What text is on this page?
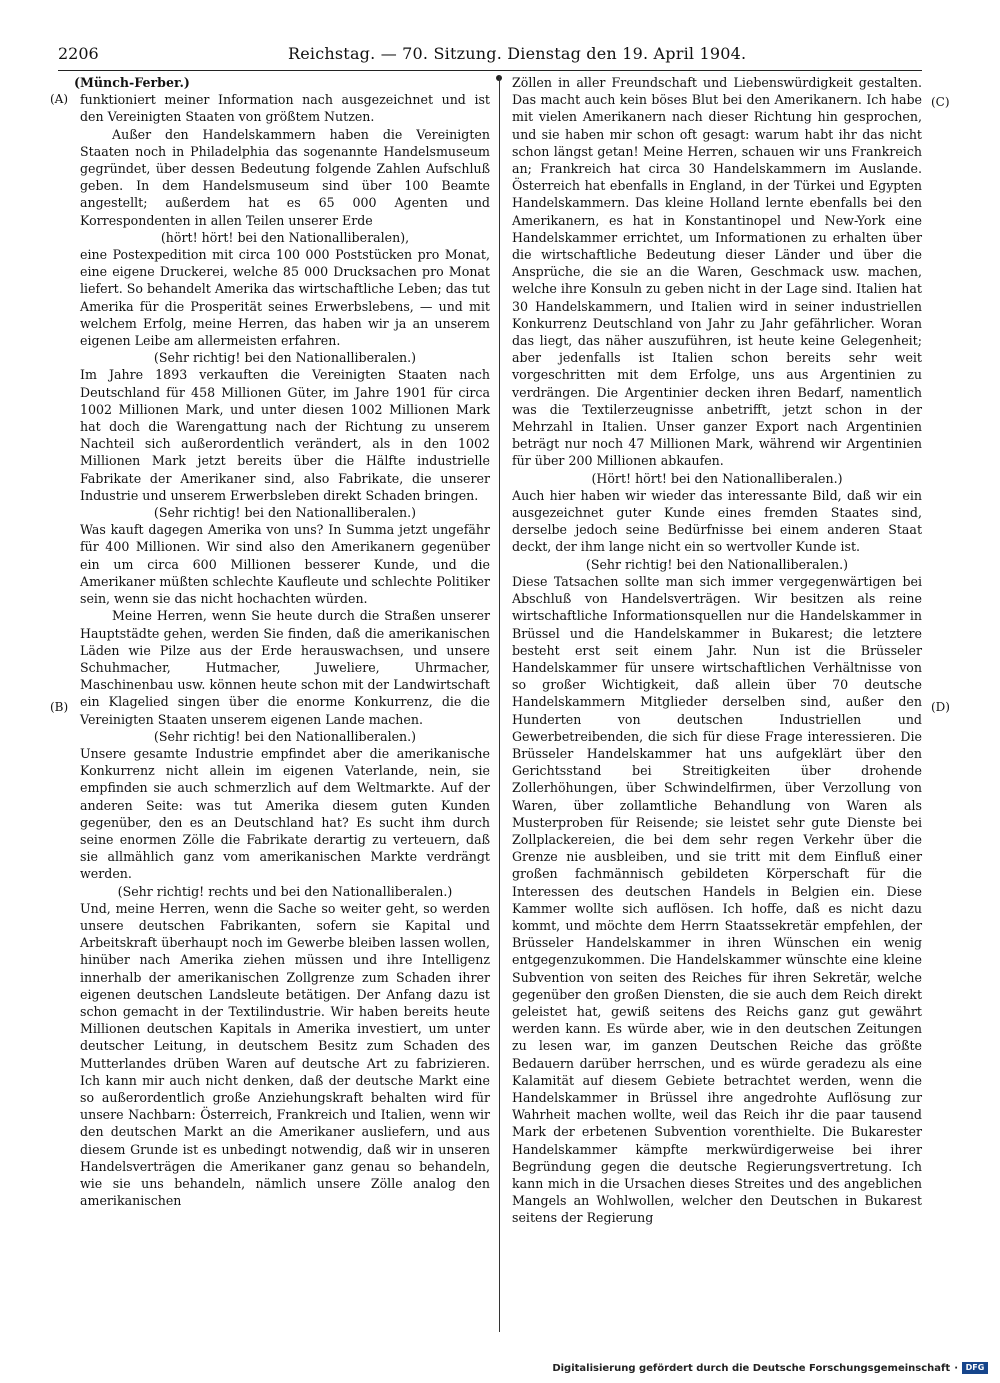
2206	Reichstag. — 70. Sitzung. Dienstag den 19. April 1904.
(A)
(B)
(C)
(D)

(Münch-Ferber.)

funktioniert meiner Information nach ausgezeichnet und ist den Vereinigten Staaten von größtem Nutzen.

Außer den Handelskammern haben die Vereinigten Staaten noch in Philadelphia das sogenannte Handelsmuseum gegründet, über dessen Bedeutung folgende Zahlen Aufschluß geben. In dem Handelsmuseum sind über 100 Beamte angestellt; außerdem hat es 65 000 Agenten und Korrespondenten in allen Teilen unserer Erde

(hört! hört! bei den Nationalliberalen),

eine Postexpedition mit circa 100 000 Poststücken pro Monat, eine eigene Druckerei, welche 85 000 Drucksachen pro Monat liefert. So behandelt Amerika das wirtschaftliche Leben; das tut Amerika für die Prosperität seines Erwerbslebens, — und mit welchem Erfolg, meine Herren, das haben wir ja an unserem eigenen Leibe am allermeisten erfahren.

(Sehr richtig! bei den Nationalliberalen.)

Im Jahre 1893 verkauften die Vereinigten Staaten nach Deutschland für 458 Millionen Güter, im Jahre 1901 für circa 1002 Millionen Mark, und unter diesen 1002 Millionen Mark hat doch die Warengattung nach der Richtung zu unserem Nachteil sich außerordentlich verändert, als in den 1002 Millionen Mark jetzt bereits über die Hälfte industrielle Fabrikate der Amerikaner sind, also Fabrikate, die unserer Industrie und unserem Erwerbsleben direkt Schaden bringen.

(Sehr richtig! bei den Nationalliberalen.)

Was kauft dagegen Amerika von uns? In Summa jetzt ungefähr für 400 Millionen. Wir sind also den Amerikanern gegenüber ein um circa 600 Millionen besserer Kunde, und die Amerikaner müßten schlechte Kaufleute und schlechte Politiker sein, wenn sie das nicht hochachten würden.

Meine Herren, wenn Sie heute durch die Straßen unserer Hauptstädte gehen, werden Sie finden, daß die amerikanischen Läden wie Pilze aus der Erde herauswachsen, und unsere Schuhmacher, Hutmacher, Juweliere, Uhrmacher, Maschinenbau usw. können heute schon mit der Landwirtschaft ein Klagelied singen über die enorme Konkurrenz, die die Vereinigten Staaten unserem eigenen Lande machen.

(Sehr richtig! bei den Nationalliberalen.)

Unsere gesamte Industrie empfindet aber die amerikanische Konkurrenz nicht allein im eigenen Vaterlande, nein, sie empfinden sie auch schmerzlich auf dem Weltmarkte. Auf der anderen Seite: was tut Amerika diesem guten Kunden gegenüber, den es an Deutschland hat? Es sucht ihm durch seine enormen Zölle die Fabrikate derartig zu verteuern, daß sie allmählich ganz vom amerikanischen Markte verdrängt werden.

(Sehr richtig! rechts und bei den Nationalliberalen.)

Und, meine Herren, wenn die Sache so weiter geht, so werden unsere deutschen Fabrikanten, sofern sie Kapital und Arbeitskraft überhaupt noch im Gewerbe bleiben lassen wollen, hinüber nach Amerika ziehen müssen und ihre Intelligenz innerhalb der amerikanischen Zollgrenze zum Schaden ihrer eigenen deutschen Landsleute betätigen. Der Anfang dazu ist schon gemacht in der Textilindustrie. Wir haben bereits heute Millionen deutschen Kapitals in Amerika investiert, um unter deutscher Leitung, in deutschem Besitz zum Schaden des Mutterlandes drüben Waren auf deutsche Art zu fabrizieren. Ich kann mir auch nicht denken, daß der deutsche Markt eine so außerordentlich große Anziehungskraft behalten wird für unsere Nachbarn: Österreich, Frankreich und Italien, wenn wir den deutschen Markt an die Amerikaner ausliefern, und aus diesem Grunde ist es unbedingt notwendig, daß wir in unseren Handelsverträgen die Amerikaner ganz genau so behandeln, wie sie uns behandeln, nämlich unsere Zölle analog den amerikanischen

Zöllen in aller Freundschaft und Liebenswürdigkeit gestalten. Das macht auch kein böses Blut bei den Amerikanern. Ich habe mit vielen Amerikanern nach dieser Richtung hin gesprochen, und sie haben mir schon oft gesagt: warum habt ihr das nicht schon längst getan! Meine Herren, schauen wir uns Frankreich an; Frankreich hat circa 30 Handelskammern im Auslande. Österreich hat ebenfalls in England, in der Türkei und Egypten Handelskammern. Das kleine Holland lernte ebenfalls bei den Amerikanern, es hat in Konstantinopel und New-York eine Handelskammer errichtet, um Informationen zu erhalten über die wirtschaftliche Bedeutung dieser Länder und über die Ansprüche, die sie an die Waren, Geschmack usw. machen, welche ihre Konsuln zu geben nicht in der Lage sind. Italien hat 30 Handelskammern, und Italien wird in seiner industriellen Konkurrenz Deutschland von Jahr zu Jahr gefährlicher. Woran das liegt, das näher auszuführen, ist heute keine Gelegenheit; aber jedenfalls ist Italien schon bereits sehr weit vorgeschritten mit dem Erfolge, uns aus Argentinien zu verdrängen. Die Argentinier decken ihren Bedarf, namentlich was die Textilerzeugnisse anbetrifft, jetzt schon in der Mehrzahl in Italien. Unser ganzer Export nach Argentinien beträgt nur noch 47 Millionen Mark, während wir Argentinien für über 200 Millionen abkaufen.

(Hört! hört! bei den Nationalliberalen.)

Auch hier haben wir wieder das interessante Bild, daß wir ein ausgezeichnet guter Kunde eines fremden Staates sind, derselbe jedoch seine Bedürfnisse bei einem anderen Staat deckt, der ihm lange nicht ein so wertvoller Kunde ist.

(Sehr richtig! bei den Nationalliberalen.)

Diese Tatsachen sollte man sich immer vergegenwärtigen bei Abschluß von Handelsverträgen. Wir besitzen als reine wirtschaftliche Informationsquellen nur die Handelskammer in Brüssel und die Handelskammer in Bukarest; die letztere besteht erst seit einem Jahr. Nun ist die Brüsseler Handelskammer für unsere wirtschaftlichen Verhältnisse von so großer Wichtigkeit, daß allein über 70 deutsche Handelskammern Mitglieder derselben sind, außer den Hunderten von deutschen Industriellen und Gewerbetreibenden, die sich für diese Frage interessieren. Die Brüsseler Handelskammer hat uns aufgeklärt über den Gerichtsstand bei Streitigkeiten über drohende Zollerhöhungen, über Schwindelfirmen, über Verzollung von Waren, über zollamtliche Behandlung von Waren als Musterproben für Reisende; sie leistet sehr gute Dienste bei Zollplackereien, die bei dem sehr regen Verkehr über die Grenze nie ausbleiben, und sie tritt mit dem Einfluß einer großen fachmännisch gebildeten Körperschaft für die Interessen des deutschen Handels in Belgien ein. Diese Kammer wollte sich auflösen. Ich hoffe, daß es nicht dazu kommt, und möchte dem Herrn Staatssekretär empfehlen, der Brüsseler Handelskammer in ihren Wünschen ein wenig entgegenzukommen. Die Handelskammer wünschte eine kleine Subvention von seiten des Reiches für ihren Sekretär, welche gegenüber den großen Diensten, die sie auch dem Reich direkt geleistet hat, gewiß seitens des Reichs ganz gut gewährt werden kann. Es würde aber, wie in den deutschen Zeitungen zu lesen war, im ganzen Deutschen Reiche das größte Bedauern darüber herrschen, und es würde geradezu als eine Kalamität auf diesem Gebiete betrachtet werden, wenn die Handelskammer in Brüssel ihre angedrohte Auflösung zur Wahrheit machen wollte, weil das Reich ihr die paar tausend Mark der erbetenen Subvention vorenthielte. Die Bukarester Handelskammer kämpfte merkwürdigerweise bei ihrer Begründung gegen die deutsche Regierungsvertretung. Ich kann mich in die Ursachen dieses Streites und des angeblichen Mangels an Wohlwollen, welcher den Deutschen in Bukarest seitens der Regierung

Digitalisierung gefördert durch die Deutsche Forschungsgemeinschaft · DFG
